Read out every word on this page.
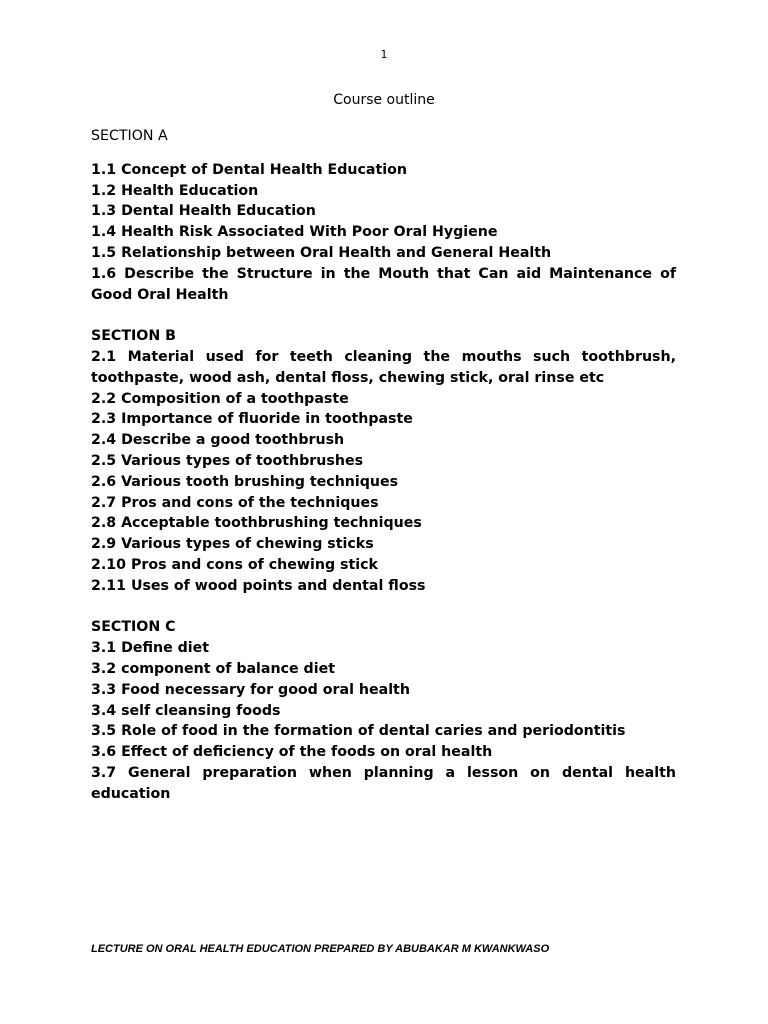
1
Course outline

SECTION A

1.1 Concept of Dental Health Education

1.2 Health Education

1.3 Dental Health Education

1.4 Health Risk Associated With Poor Oral Hygiene

1.5 Relationship between Oral Health and General Health

1.6 Describe the Structure in the Mouth that Can aid Maintenance of Good Oral Health

SECTION B

2.1 Material used for teeth cleaning the mouths such toothbrush, toothpaste, wood ash, dental floss, chewing stick, oral rinse etc

2.2 Composition of a toothpaste

2.3 Importance of fluoride in toothpaste

2.4 Describe a good toothbrush

2.5 Various types of toothbrushes

2.6 Various tooth brushing techniques

2.7 Pros and cons of the techniques

2.8 Acceptable toothbrushing techniques

2.9 Various types of chewing sticks

2.10 Pros and cons of chewing stick

2.11 Uses of wood points and dental floss

SECTION C

3.1 Define diet

3.2 component of balance diet

3.3 Food necessary for good oral health

3.4 self cleansing foods

3.5 Role of food in the formation of dental caries and periodontitis

3.6 Effect of deficiency of the foods on oral health

3.7 General preparation when planning a lesson on dental health education

LECTURE ON ORAL HEALTH EDUCATION PREPARED BY ABUBAKAR M KWANKWASO
